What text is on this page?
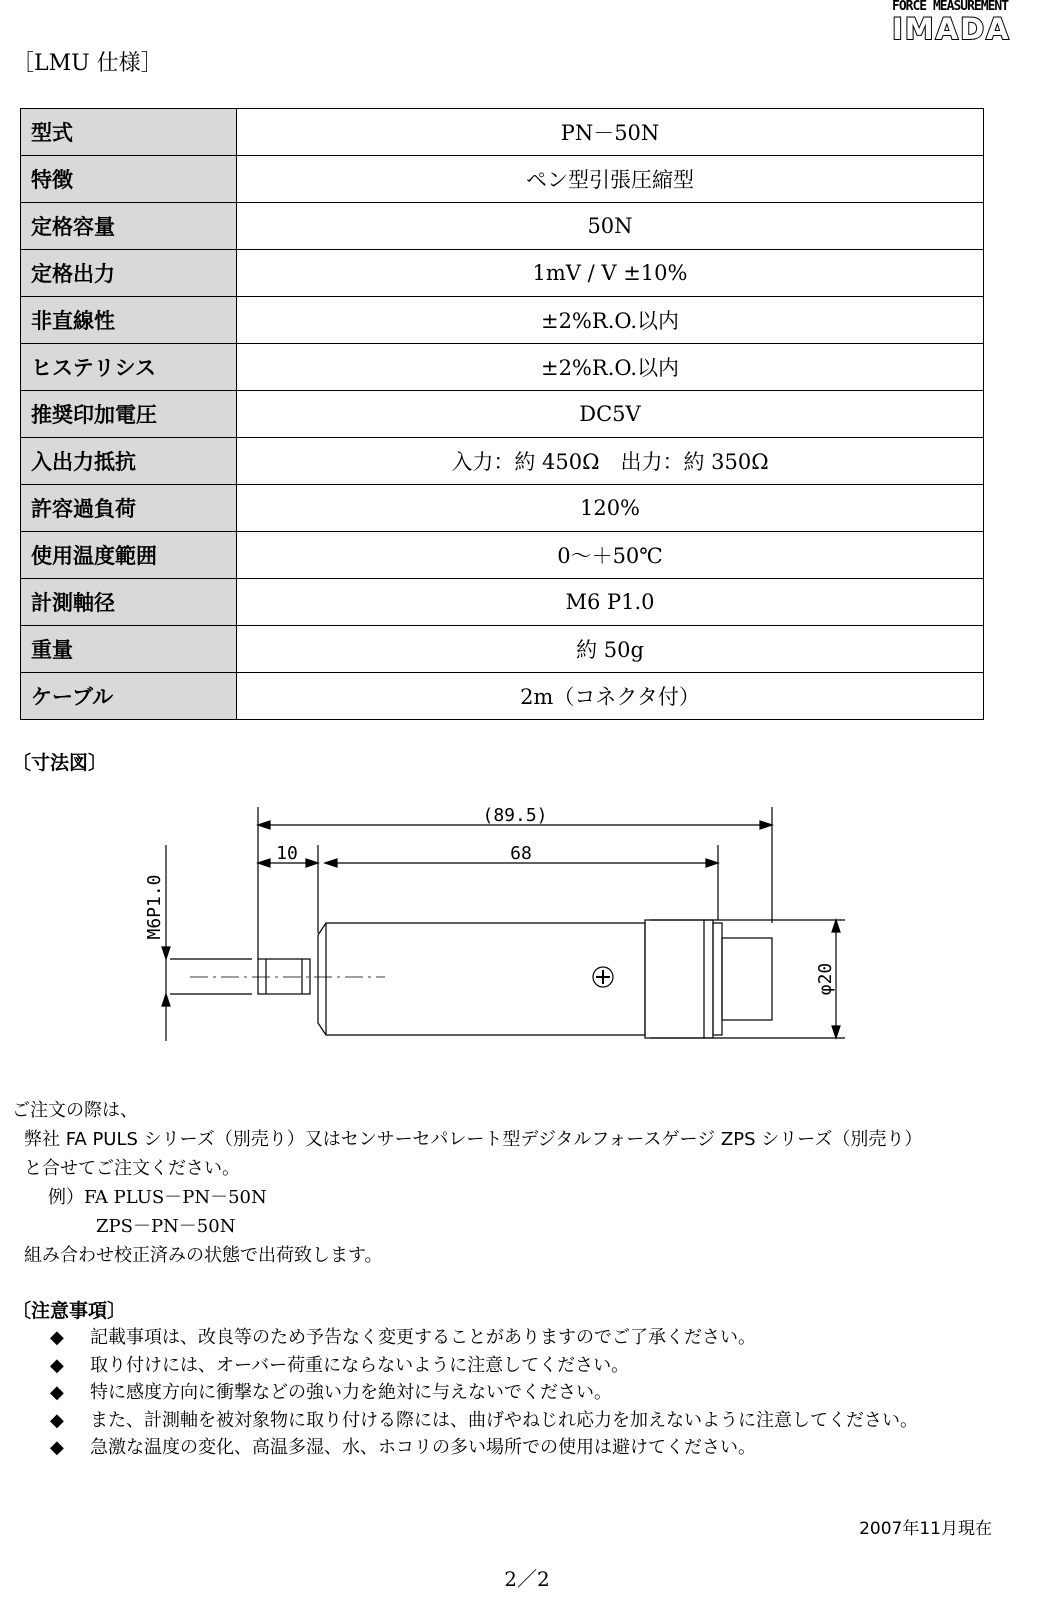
FORCE MEASUREMENT
IMADA
［LMU 仕様］
型式	PN－50N
特徴	ペン型引張圧縮型
定格容量	50N
定格出力	1mV / V ±10%
非直線性	±2%R.O.以内
ヒステリシス	±2%R.O.以内
推奨印加電圧	DC5V
入出力抵抗	入力：約 450Ω　出力：約 350Ω
許容過負荷	120%
使用温度範囲	0～＋50℃
計測軸径	M6 P1.0
重量	約 50g
ケーブル	2m（コネクタ付）
〔寸法図〕
(89.5)
10	68
M6P1.0
φ20
ご注文の際は、
弊社 FA PULS シリーズ（別売り）又はセンサーセパレート型デジタルフォースゲージ ZPS シリーズ（別売り）
と合せてご注文ください。
例）FA PLUS－PN－50N
ZPS－PN－50N
組み合わせ校正済みの状態で出荷致します。
〔注意事項〕
◆	記載事項は、改良等のため予告なく変更することがありますのでご了承ください。
◆	取り付けには、オーバー荷重にならないように注意してください。
◆	特に感度方向に衝撃などの強い力を絶対に与えないでください。
◆	また、計測軸を被対象物に取り付ける際には、曲げやねじれ応力を加えないように注意してください。
◆	急激な温度の変化、高温多湿、水、ホコリの多い場所での使用は避けてください。
2007年11月現在
2／2
